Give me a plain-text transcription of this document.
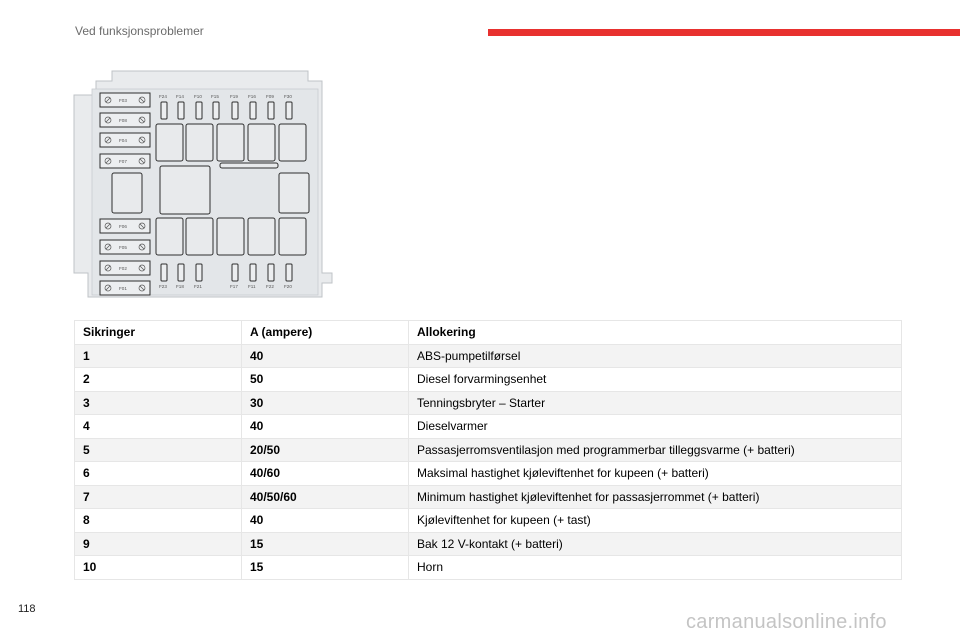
Ved funksjonsproblemer
F03
F08
F04
F07
F06
F05
F02
F01
F24 F14 F10 F15 F19 F16 F09 F30
F23 F18 F21	F17 F11 F22 F20
Sikringer	A (ampere)	Allokering
1	40	ABS-pumpetilførsel
2	50	Diesel forvarmingsenhet
3	30	Tenningsbryter – Starter
4	40	Dieselvarmer
5	20/50	Passasjerromsventilasjon med programmerbar tilleggsvarme (+ batteri)
6	40/60	Maksimal hastighet kjøleviftenhet for kupeen (+ batteri)
7	40/50/60	Minimum hastighet kjøleviftenhet for passasjerrommet (+ batteri)
8	40	Kjøleviftenhet for kupeen (+ tast)
9	15	Bak 12 V-kontakt (+ batteri)
10	15	Horn
118
carmanualsonline.info
